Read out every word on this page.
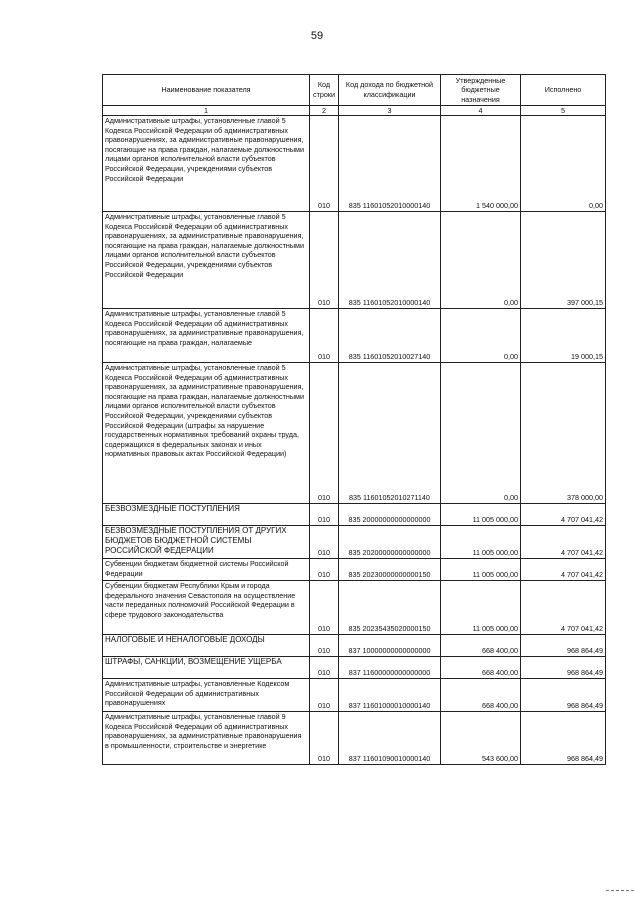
59
Наименование показателя	Код строки	Код дохода по бюджетной классификации	Утвержденные бюджетные назначения	Исполнено
1	2	3	4	5
Административные штрафы, установленные главой 5 Кодекса Российской Федерации об административных правонарушениях, за административные правонарушения, посягающие на права граждан, налагаемые должностными лицами органов исполнительной власти субъектов Российской Федерации, учреждениями субъектов Российской Федерации	010	835 11601052010000140	1 540 000,00	0,00
Административные штрафы, установленные главой 5 Кодекса Российской Федерации об административных правонарушениях, за административные правонарушения, посягающие на права граждан, налагаемые должностными лицами органов исполнительной власти субъектов Российской Федерации, учреждениями субъектов Российской Федерации	010	835 11601052010000140	0,00	397 000,15
Административные штрафы, установленные главой 5 Кодекса Российской Федерации об административных правонарушениях, за административные правонарушения, посягающие на права граждан, налагаемые	010	835 11601052010027140	0,00	19 000,15
Административные штрафы, установленные главой 5 Кодекса Российской Федерации об административных правонарушениях, за административные правонарушения, посягающие на права граждан, налагаемые должностными лицами органов исполнительной власти субъектов Российской Федерации, учреждениями субъектов Российской Федерации (штрафы за нарушение государственных нормативных требований охраны труда, содержащихся в федеральных законах и иных нормативных правовых актах Российской Федерации)	010	835 11601052010271140	0,00	378 000,00
БЕЗВОЗМЕЗДНЫЕ ПОСТУПЛЕНИЯ	010	835 20000000000000000	11 005 000,00	4 707 041,42
БЕЗВОЗМЕЗДНЫЕ ПОСТУПЛЕНИЯ ОТ ДРУГИХ БЮДЖЕТОВ БЮДЖЕТНОЙ СИСТЕМЫ РОССИЙСКОЙ ФЕДЕРАЦИИ	010	835 20200000000000000	11 005 000,00	4 707 041,42
Субвенции бюджетам бюджетной системы Российской Федерации	010	835 20230000000000150	11 005 000,00	4 707 041,42
Субвенции бюджетам Республики Крым и города федерального значения Севастополя на осуществление части переданных полномочий Российской Федерации в сфере трудового законодательства	010	835 20235435020000150	11 005 000,00	4 707 041,42
НАЛОГОВЫЕ И НЕНАЛОГОВЫЕ ДОХОДЫ	010	837 10000000000000000	668 400,00	968 864,49
ШТРАФЫ, САНКЦИИ, ВОЗМЕЩЕНИЕ УЩЕРБА	010	837 11600000000000000	668 400,00	968 864,49
Административные штрафы, установленные Кодексом Российской Федерации об административных правонарушениях	010	837 11601000010000140	668 400,00	968 864,49
Административные штрафы, установленные главой 9 Кодекса Российской Федерации об административных правонарушениях, за административные правонарушения в промышленности, строительстве и энергетике	010	837 11601090010000140	543 600,00	968 864,49
